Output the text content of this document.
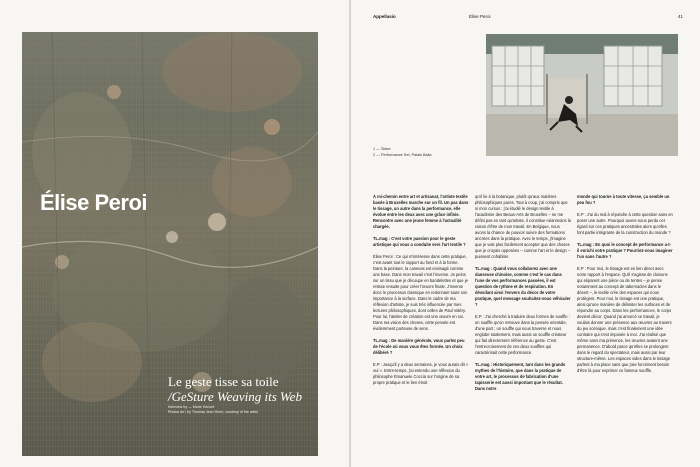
Élise Peroi
Le geste tisse sa toile
/GeSture Weaving its Web
Interview by — Marie Honoré
Photos de / by Thomas Jean Henri, courtesy of the artist
Appellasio	Élise Peroi	41
1 — Sister
2 — Performance Set, Palais Balia

À mi-chemin entre art et artisanat, l'artiste textile basée à Bruxelles marche sur un fil. Un pas dans le tissage, un autre dans la performance, elle évolue entre les deux avec une grâce infinie. Rencontre avec une jeune femme à l'actualité chargée.

TL.mag : C'est votre passion pour le geste artistique qui vous a conduite vers l'art textile ?

Élise Peroi : Ce qui m'intéresse dans cette pratique, c'est avant tout le rapport au fond et à la forme. Dans la peinture, la canevas est envisagé comme une base. Dans mon travail c'est l'inverse. Je peins sur un tissu que je découpe en bandelettes et que je retisse ensuite pour créer l'œuvre finale. J'inverse donc le processus classique en redonnant toute son importance à la surface. Dans le cadre de ma réflexion d'artiste, je suis très influencée par mes lectures philosophiques, dont celles de Paul Valéry. Pour lui, l'atelier de création est une œuvre en soi. Dans ma vision des choses, cette pensée est évidemment porteuse de sens.

TL.mag : De manière générale, vous parlez peu de l'école où vous vous êtes formée. Un choix délibéré ?

E.P : Jusqu'il y a deux semaines, je vous aurais dit « oui ». Entre-temps, j'ai entendu une réflexion du philosophe Emanuele Coccia sur l'origine de sa propre pratique et le lien étroit

qu'il lie à la botanique, plutôt qu'aux matières philosophiques pures. Tout à coup, j'ai compris que si mon cursus : j'ai étudié le design textile à l'académie des Beaux-Arts de Bruxelles – ne me défini pas en tant qu'artiste, il constitue néanmoins la raison d'être de mon travail. En Belgique, nous avons la chance de pouvoir suivre des formations ancrées dans la pratique. Avec le temps, j'imagine que je vais plus facilement accepter que des choses que je croyais opposées – comme l'art et le design – puissent cohabiter.

TL.mag : Quand vous collaborez avec une danseuse chinoise, comme c'est le cas dans l'une de vos performances passées, il est question de rythme et de respiration. En dévoilant ainsi l'envers du décor de votre pratique, quel message souhaitez-vous véhiculer ?

E.P : J'ai cherché à traduire deux formes de souffle : un souffle qu'on retrouve dans la pensée orientale, d'une part ; un souffle qui nous traverse et nous englobe totalement, mais aussi un souffle créateur qui fait directement référence au geste. C'est l'entrecroisement de ces deux souffles qui caractérisait cette performance.

TL.mag : Historiquement, tant dans les grands mythes de l'histoire, que dans la pratique de votre art, le processus de fabrication d'une tapisserie est aussi important que le résultat. Dans notre

monde qui tourne à toute vitesse, ça semble un peu fou ?

E.P : J'ai du mal à répondre à cette question sans en poser une autre. Pourquoi avons-nous perdu cet égard sur ces pratiques ancestrales alors qu'elles font partie intégrante de la construction du monde ?

TL.mag : En quoi le concept de performance a-t-il enrichi votre pratique ? Pourriez-vous imaginer l'un sans l'autre ?

E.P : Pour moi, le tissage est en lien direct avec notre rapport à l'espace. Qu'il s'agisse de cloisons qui séparent une pièce ou de tentes – je pense notamment au concept de tabernacles dans le désert –, le textile crée des espaces qui nous protègent. Pour moi, le tissage est une pratique, ainsi qu'une manière de délimiter les surfaces et de répondre au corps. Dans les performances, le corps devient décor. Quand j'ai amorcé ce travail, je voulais donner une présence aux œuvres au travers du jeu scénique, mais c'est finalement une idée contraire qui s'est imposée à moi. J'ai réalisé que même sans ma présence, les œuvres avaient une permanence. D'abord parce qu'elles se prolongent dans le regard du spectateur, mais aussi par leur structure-même. Les espaces vides dans le tissage parlent à ma place sans que j'aie forcément besoin d'être là pour exprimer ce fameux souffle.
